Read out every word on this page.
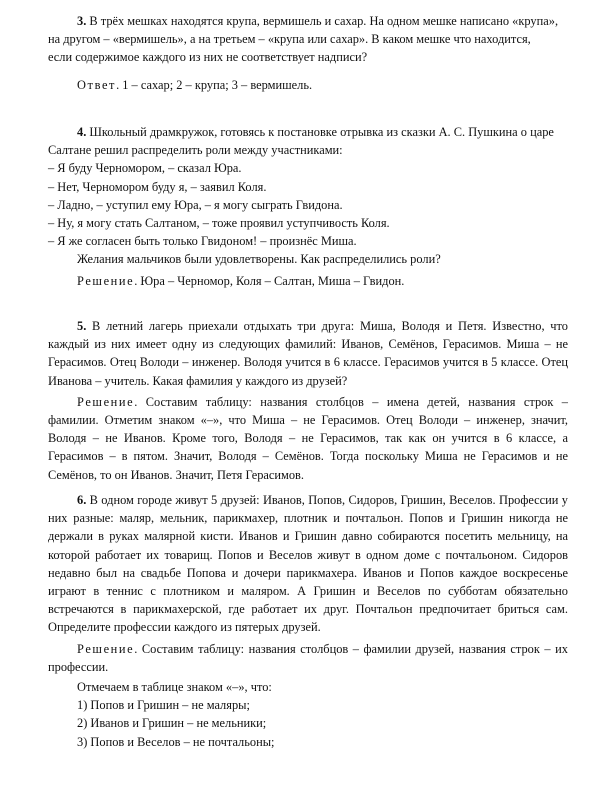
3. В трёх мешках находятся крупа, вермишель и сахар. На одном мешке написано «крупа»,

на другом – «вермишель», а на третьем – «крупа или сахар». В каком мешке что находится,

если содержимое каждого из них не соответствует надписи?

Ответ. 1 – сахар; 2 – крупа; 3 – вермишель.

4. Школьный драмкружок, готовясь к постановке отрывка из сказки А. С. Пушкина о царе

Салтане решил распределить роли между участниками:

– Я буду Черномором, – сказал Юра.

– Нет, Черномором буду я, – заявил Коля.

– Ладно, – уступил ему Юра, – я могу сыграть Гвидона.

– Ну, я могу стать Салтаном, – тоже проявил уступчивость Коля.

– Я же согласен быть только Гвидоном! – произнёс Миша.

Желания мальчиков были удовлетворены. Как распределились роли?

Решение. Юра – Черномор, Коля – Салтан, Миша – Гвидон.

5. В летний лагерь приехали отдыхать три друга: Миша, Володя и Петя. Известно, что каждый из них имеет одну из следующих фамилий: Иванов, Семёнов, Герасимов. Миша – не Герасимов. Отец Володи – инженер. Володя учится в 6 классе. Герасимов учится в 5 классе. Отец Иванова – учитель. Какая фамилия у каждого из друзей?

Решение. Составим таблицу: названия столбцов – имена детей, названия строк – фамилии. Отметим знаком «–», что Миша – не Герасимов. Отец Володи – инженер, значит, Володя – не Иванов. Кроме того, Володя – не Герасимов, так как он учится в 6 классе, а Герасимов – в пятом. Значит, Володя – Семёнов. Тогда поскольку Миша не Герасимов и не Семёнов, то он Иванов. Значит, Петя Герасимов.

6. В одном городе живут 5 друзей: Иванов, Попов, Сидоров, Гришин, Веселов. Профессии у них разные: маляр, мельник, парикмахер, плотник и почтальон. Попов и Гришин никогда не держали в руках малярной кисти. Иванов и Гришин давно собираются посетить мельницу, на которой работает их товарищ. Попов и Веселов живут в одном доме с почтальоном. Сидоров недавно был на свадьбе Попова и дочери парикмахера. Иванов и Попов каждое воскресенье играют в теннис с плотником и маляром. А Гришин и Веселов по субботам обязательно встречаются в парикмахерской, где работает их друг. Почтальон предпочитает бриться сам. Определите профессии каждого из пятерых друзей.

Решение. Составим таблицу: названия столбцов – фамилии друзей, названия строк – их профессии.

Отмечаем в таблице знаком «–», что:

1) Попов и Гришин – не маляры;

2) Иванов и Гришин – не мельники;

3) Попов и Веселов – не почтальоны;
